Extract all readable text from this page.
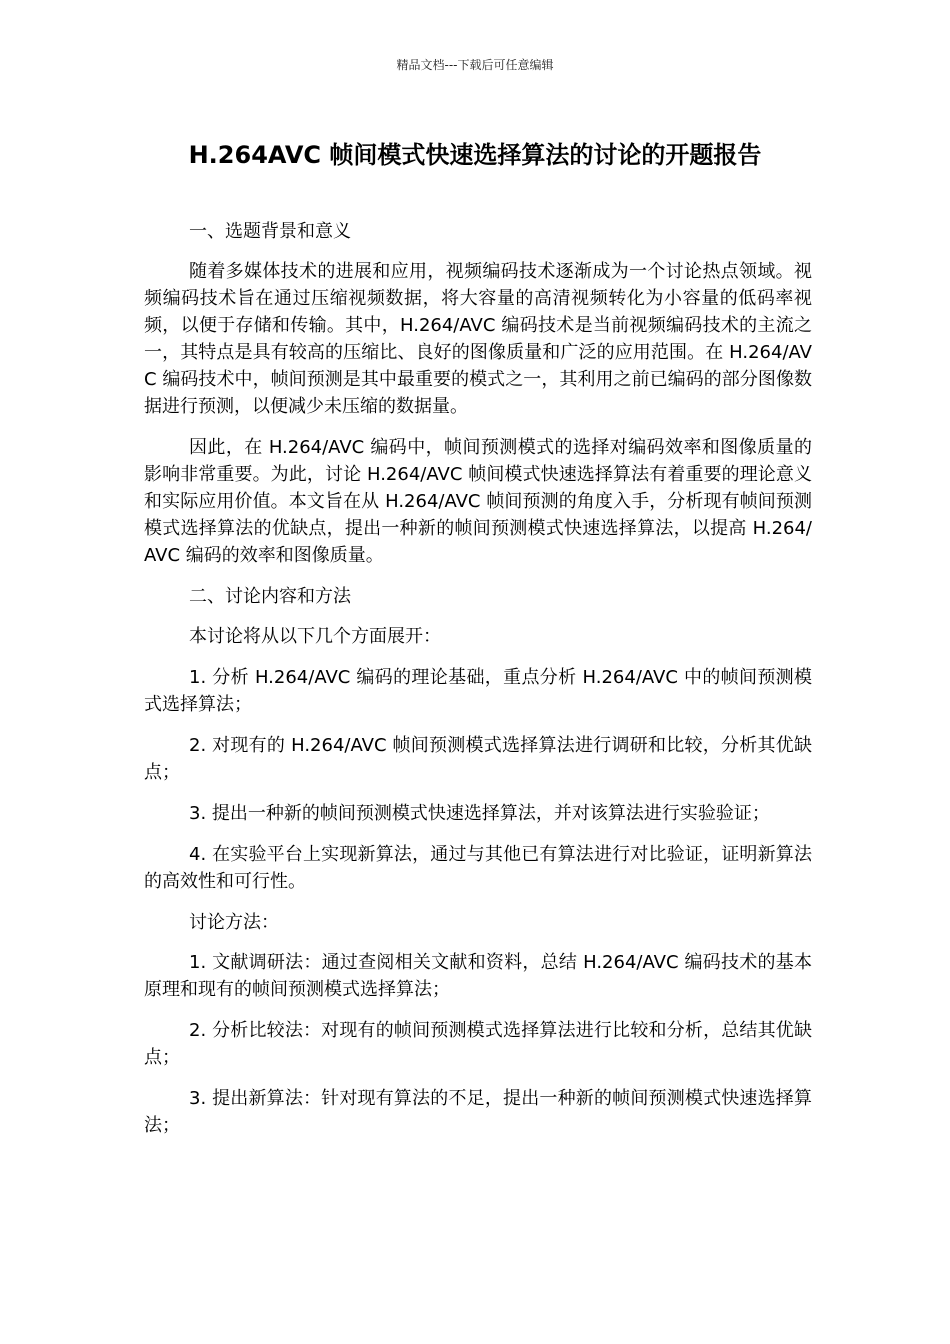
精品文档---下载后可任意编辑
H.264AVC 帧间模式快速选择算法的讨论的开题报告

一、选题背景和意义

随着多媒体技术的进展和应用，视频编码技术逐渐成为一个讨论热点领域。视频编码技术旨在通过压缩视频数据，将大容量的高清视频转化为小容量的低码率视频，以便于存储和传输。其中，H.264/AVC 编码技术是当前视频编码技术的主流之一，其特点是具有较高的压缩比、良好的图像质量和广泛的应用范围。在 H.264/AVC 编码技术中，帧间预测是其中最重要的模式之一，其利用之前已编码的部分图像数据进行预测，以便减少未压缩的数据量。

因此，在 H.264/AVC 编码中，帧间预测模式的选择对编码效率和图像质量的影响非常重要。为此，讨论 H.264/AVC 帧间模式快速选择算法有着重要的理论意义和实际应用价值。本文旨在从 H.264/AVC 帧间预测的角度入手，分析现有帧间预测模式选择算法的优缺点，提出一种新的帧间预测模式快速选择算法，以提高 H.264/AVC 编码的效率和图像质量。

二、讨论内容和方法

本讨论将从以下几个方面展开：

1. 分析 H.264/AVC 编码的理论基础，重点分析 H.264/AVC 中的帧间预测模式选择算法；

2. 对现有的 H.264/AVC 帧间预测模式选择算法进行调研和比较，分析其优缺点；

3. 提出一种新的帧间预测模式快速选择算法，并对该算法进行实验验证；

4. 在实验平台上实现新算法，通过与其他已有算法进行对比验证，证明新算法的高效性和可行性。

讨论方法：

1. 文献调研法：通过查阅相关文献和资料，总结 H.264/AVC 编码技术的基本原理和现有的帧间预测模式选择算法；

2. 分析比较法：对现有的帧间预测模式选择算法进行比较和分析，总结其优缺点；

3. 提出新算法：针对现有算法的不足，提出一种新的帧间预测模式快速选择算法；
